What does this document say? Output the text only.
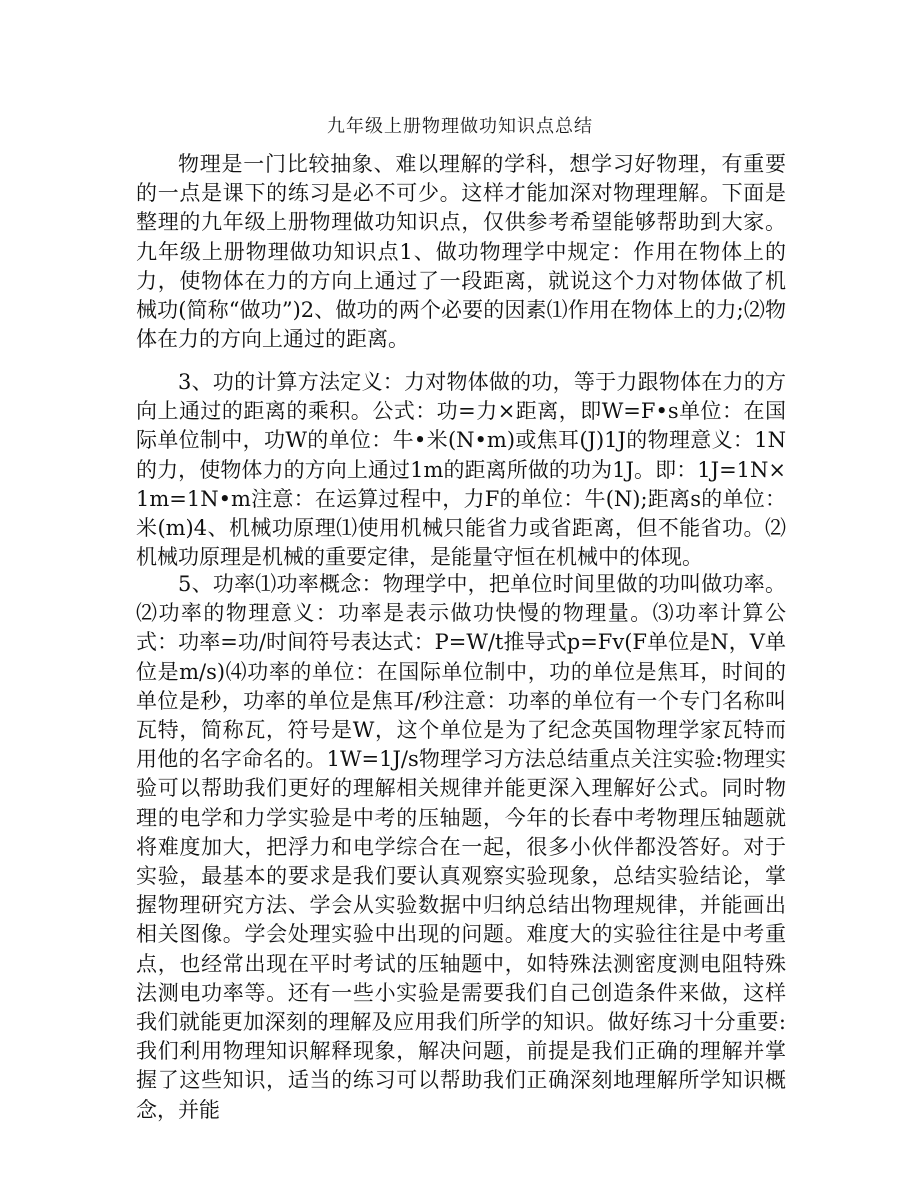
九年级上册物理做功知识点总结

物理是一门比较抽象、难以理解的学科，想学习好物理，有重要的一点是课下的练习是必不可少。这样才能加深对物理理解。下面是整理的九年级上册物理做功知识点，仅供参考希望能够帮助到大家。九年级上册物理做功知识点1、做功物理学中规定：作用在物体上的力，使物体在力的方向上通过了一段距离，就说这个力对物体做了机械功(简称“做功”)2、做功的两个必要的因素⑴作用在物体上的力;⑵物体在力的方向上通过的距离。

3、功的计算方法定义：力对物体做的功，等于力跟物体在力的方向上通过的距离的乘积。公式：功=力×距离，即W=F•s单位：在国际单位制中，功W的单位：牛•米(N•m)或焦耳(J)1J的物理意义：1N的力，使物体力的方向上通过1m的距离所做的功为1J。即：1J=1N×1m=1N•m注意：在运算过程中，力F的单位：牛(N);距离s的单位：米(m)4、机械功原理⑴使用机械只能省力或省距离，但不能省功。⑵机械功原理是机械的重要定律，是能量守恒在机械中的体现。

5、功率⑴功率概念：物理学中，把单位时间里做的功叫做功率。⑵功率的物理意义：功率是表示做功快慢的物理量。⑶功率计算公式：功率=功/时间符号表达式：P=W/t推导式p=Fv(F单位是N，V单位是m/s)⑷功率的单位：在国际单位制中，功的单位是焦耳，时间的单位是秒，功率的单位是焦耳/秒注意：功率的单位有一个专门名称叫瓦特，简称瓦，符号是W，这个单位是为了纪念英国物理学家瓦特而用他的名字命名的。1W=1J/s物理学习方法总结重点关注实验:物理实验可以帮助我们更好的理解相关规律并能更深入理解好公式。同时物理的电学和力学实验是中考的压轴题，今年的长春中考物理压轴题就将难度加大，把浮力和电学综合在一起，很多小伙伴都没答好。对于实验，最基本的要求是我们要认真观察实验现象，总结实验结论，掌握物理研究方法、学会从实验数据中归纳总结出物理规律，并能画出相关图像。学会处理实验中出现的问题。难度大的实验往往是中考重点，也经常出现在平时考试的压轴题中，如特殊法测密度测电阻特殊法测电功率等。还有一些小实验是需要我们自己创造条件来做，这样我们就能更加深刻的理解及应用我们所学的知识。做好练习十分重要:我们利用物理知识解释现象，解决问题，前提是我们正确的理解并掌握了这些知识，适当的练习可以帮助我们正确深刻地理解所学知识概念，并能
